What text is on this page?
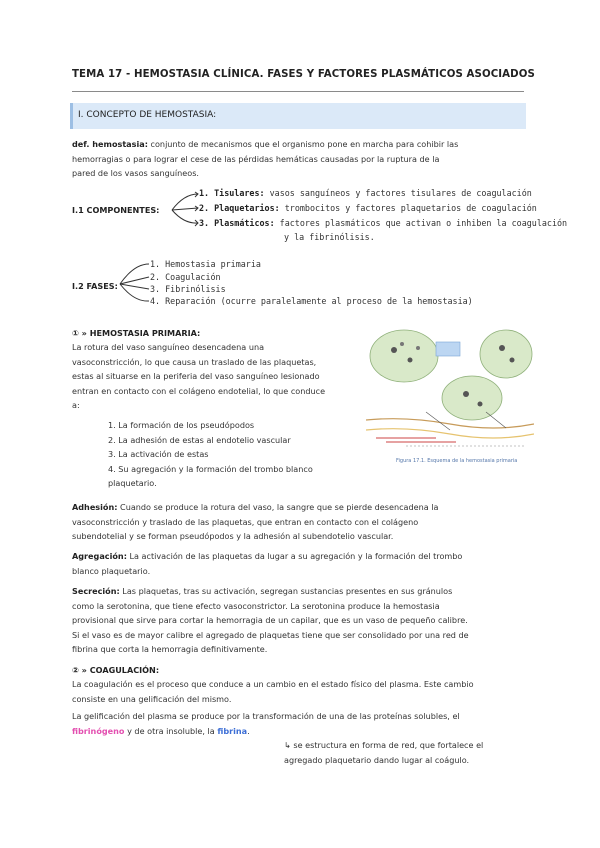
TEMA 17 - HEMOSTASIA CLÍNICA. FASES Y FACTORES PLASMÁTICOS ASOCIADOS
I. CONCEPTO DE HEMOSTASIA:
def. hemostasia: conjunto de mecanismos que el organismo pone en marcha para cohibir las
hemorragias o para lograr el cese de las pérdidas hemáticas causadas por la ruptura de la
pared de los vasos sanguíneos.
I.1 COMPONENTES:
1. Tisulares: vasos sanguíneos y factores tisulares de coagulación
2. Plaquetarios: trombocitos y factores plaquetarios de coagulación
3. Plasmáticos: factores plasmáticos que activan o inhiben la coagulación
y la fibrinólisis.
I.2 FASES:
1. Hemostasia primaria
2. Coagulación
3. Fibrinólisis
4. Reparación (ocurre paralelamente al proceso de la hemostasia)
① » HEMOSTASIA PRIMARIA:
La rotura del vaso sanguíneo desencadena una
vasoconstricción, lo que causa un traslado de las plaquetas,
estas al situarse en la periferia del vaso sanguíneo lesionado
entran en contacto con el colágeno endotelial, lo que conduce
a:
1. La formación de los pseudópodos
2. La adhesión de estas al endotelio vascular
3. La activación de estas
4. Su agregación y la formación del trombo blanco
plaquetario.
Figura 17.1. Esquema de la hemostasia primaria
Adhesión: Cuando se produce la rotura del vaso, la sangre que se pierde desencadena la
vasoconstricción y traslado de las plaquetas, que entran en contacto con el colágeno
subendotelial y se forman pseudópodos y la adhesión al subendotelio vascular.
Agregación: La activación de las plaquetas da lugar a su agregación y la formación del trombo
blanco plaquetario.
Secreción: Las plaquetas, tras su activación, segregan sustancias presentes en sus gránulos
como la serotonina, que tiene efecto vasoconstrictor. La serotonina produce la hemostasia
provisional que sirve para cortar la hemorragia de un capilar, que es un vaso de pequeño calibre.
Si el vaso es de mayor calibre el agregado de plaquetas tiene que ser consolidado por una red de
fibrina que corta la hemorragia definitivamente.
② » COAGULACIÓN:
La coagulación es el proceso que conduce a un cambio en el estado físico del plasma. Este cambio
consiste en una gelificación del mismo.
La gelificación del plasma se produce por la transformación de una de las proteínas solubles, el
fibrinógeno y de otra insoluble, la fibrina.
↳ se estructura en forma de red, que fortalece el
agregado plaquetario dando lugar al coágulo.
